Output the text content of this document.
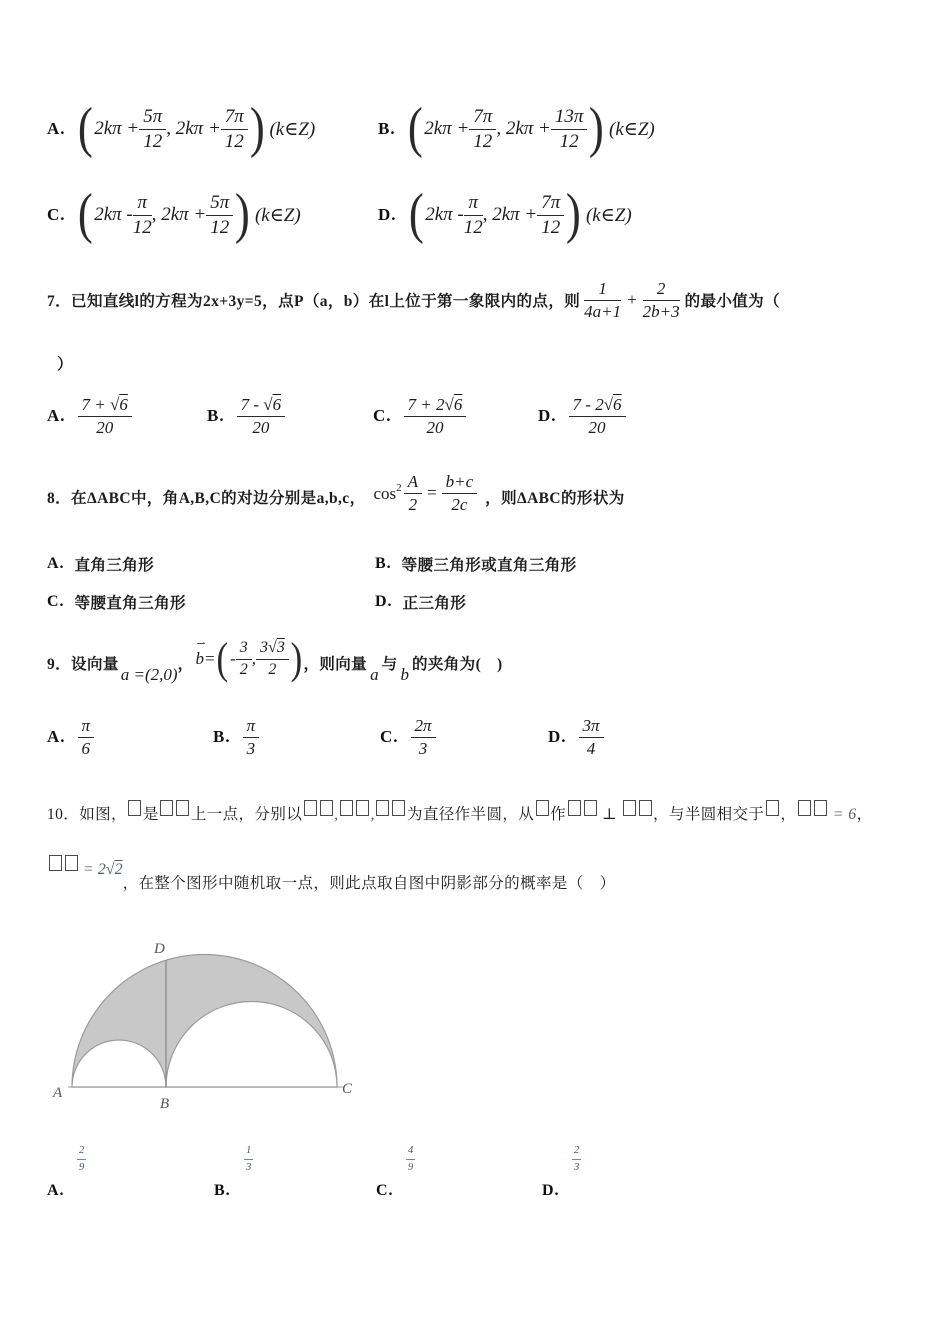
A. ( $2k\pi + \frac{5\pi}{12}$ , $2k\pi + \frac{7\pi}{12}$ ) (k∈Z)	B. ( $2k\pi + \frac{7\pi}{12}$ , $2k\pi + \frac{13\pi}{12}$ ) (k∈Z)
C. ( $2k\pi - \frac{\pi}{12}$ , $2k\pi + \frac{5\pi}{12}$ ) (k∈Z)	D. ( $2k\pi - \frac{\pi}{12}$ , $2k\pi + \frac{7\pi}{12}$ ) (k∈Z)
7．已知直线l的方程为2x+3y=5，点P（a，b）在l上位于第一象限内的点，则 $\frac{1}{4a+1} + \frac{2}{2b+3}$ 的最小值为（
）
A. $\frac{7 + √6}{20}$	B. $\frac{7 - √6}{20}$	C. $\frac{7 + 2√6}{20}$	D. $\frac{7 - 2√6}{20}$
8．在ΔABC中，角A,B,C的对边分别是a,b,c， $\cos^2 \frac{A}{2} = \frac{b+c}{2c}$ ，则ΔABC的形状为
A. 直角三角形	B. 等腰三角形或直角三角形
C. 等腰直角三角形	D. 正三角形
9．设向量
a =(2,0)
，
⇀
b = ( - $\frac{3}{2}$ , $\frac{3√3}{2}$ ) ，则向量
a
与
b
的夹角为(　)
A. $\frac{\pi}{6}$	B. $\frac{\pi}{3}$	C. $\frac{2\pi}{3}$	D. $\frac{3\pi}{4}$
10．如图， 是 上一点，分别以 , , 为直径作半圆，从 作 ⊥ ，与半圆相交于 ， = 6，
= 2√2，在整个图形中随机取一点，则此点取自图中阴影部分的概率是（　）
A
B
C
D
$\frac{2}{9}$
A.
$\frac{1}{3}$
B.
$\frac{4}{9}$
C.
$\frac{2}{3}$
D.
